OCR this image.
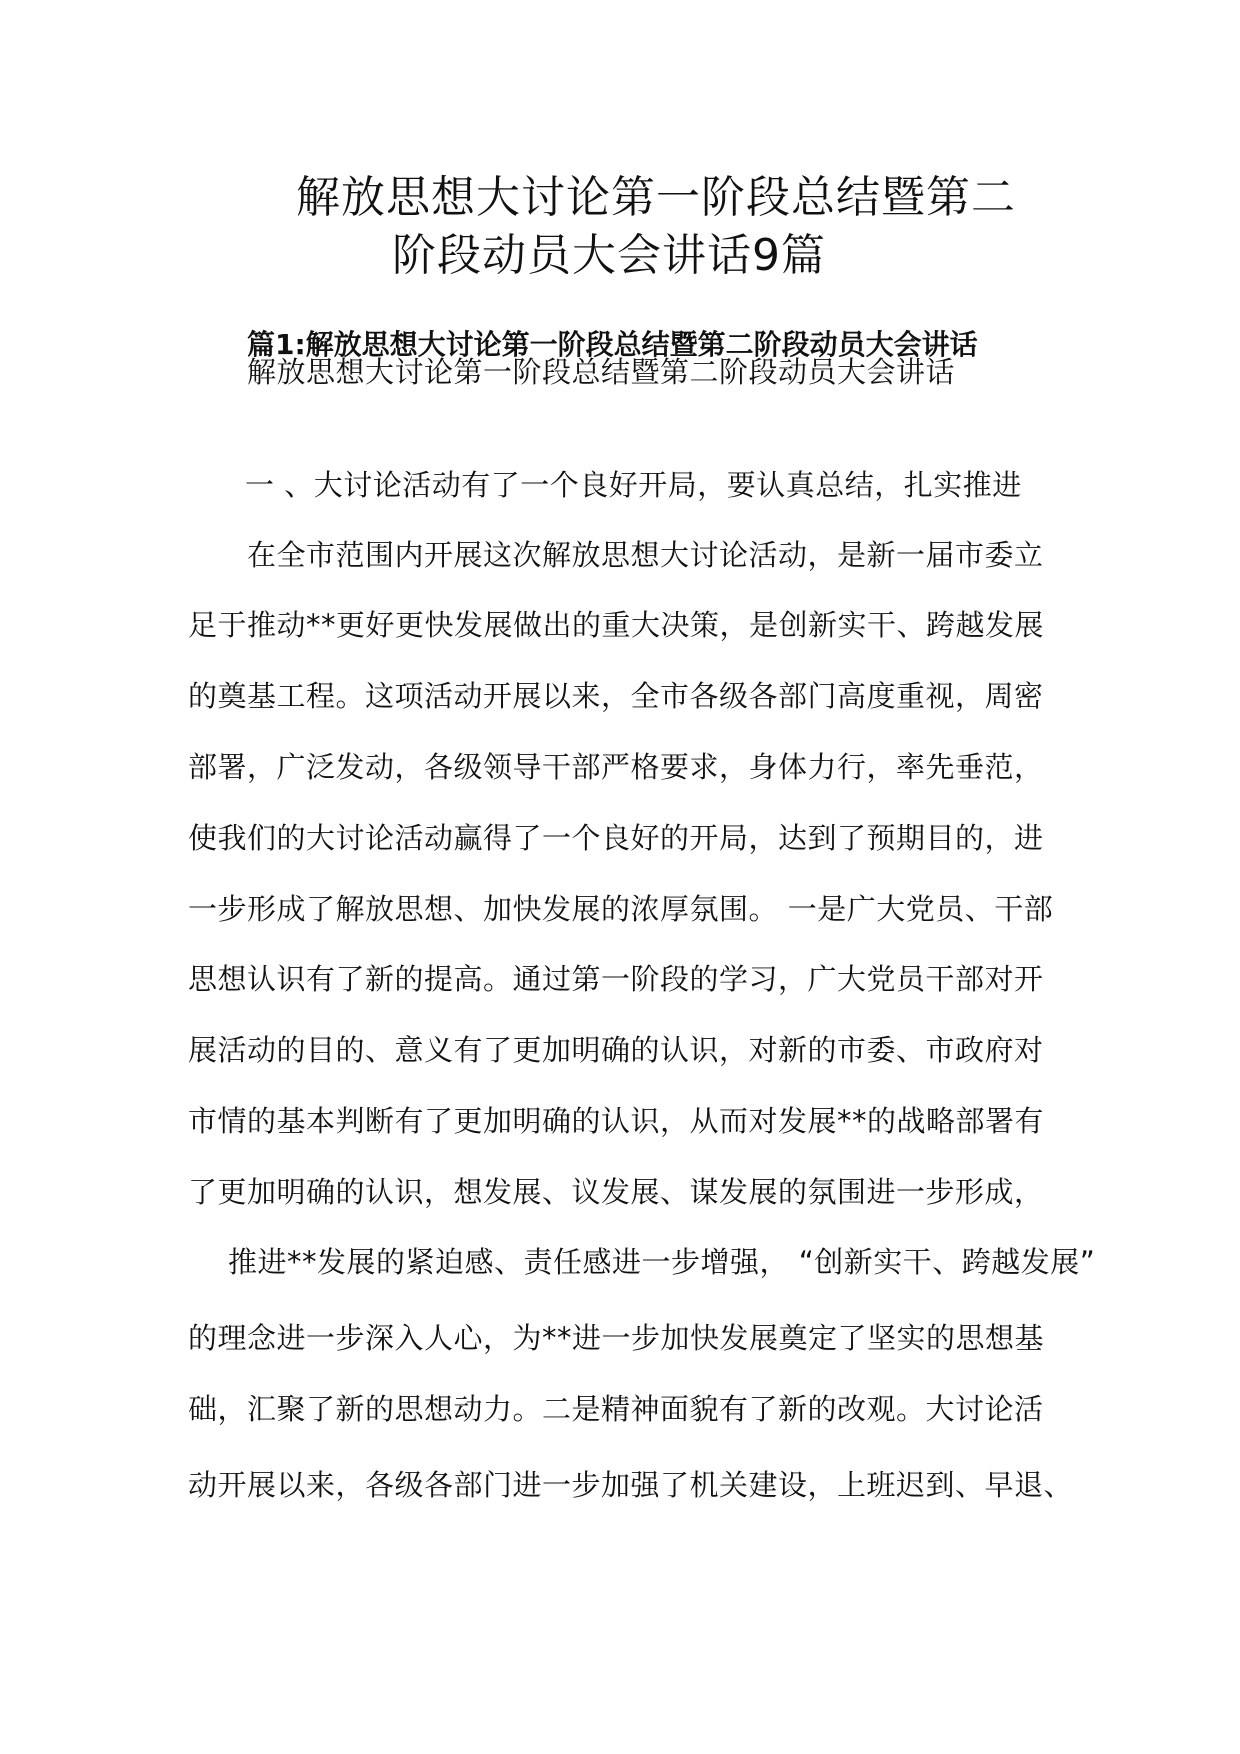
解放思想大讨论第一阶段总结暨第二
阶段动员大会讲话9篇
篇1:解放思想大讨论第一阶段总结暨第二阶段动员大会讲话
解放思想大讨论第一阶段总结暨第二阶段动员大会讲话
一 、大讨论活动有了一个良好开局，要认真总结，扎实推进
在全市范围内开展这次解放思想大讨论活动，是新一届市委立
足于推动**更好更快发展做出的重大决策，是创新实干、跨越发展
的奠基工程。这项活动开展以来，全市各级各部门高度重视，周密
部署，广泛发动，各级领导干部严格要求，身体力行，率先垂范，
使我们的大讨论活动赢得了一个良好的开局，达到了预期目的，进
一步形成了解放思想、加快发展的浓厚氛围。 一是广大党员、干部
思想认识有了新的提高。通过第一阶段的学习，广大党员干部对开
展活动的目的、意义有了更加明确的认识，对新的市委、市政府对
市情的基本判断有了更加明确的认识，从而对发展**的战略部署有
了更加明确的认识，想发展、议发展、谋发展的氛围进一步形成，
推进**发展的紧迫感、责任感进一步增强， “创新实干、跨越发展”
的理念进一步深入人心，为**进一步加快发展奠定了坚实的思想基
础，汇聚了新的思想动力。二是精神面貌有了新的改观。大讨论活
动开展以来，各级各部门进一步加强了机关建设，上班迟到、早退、
